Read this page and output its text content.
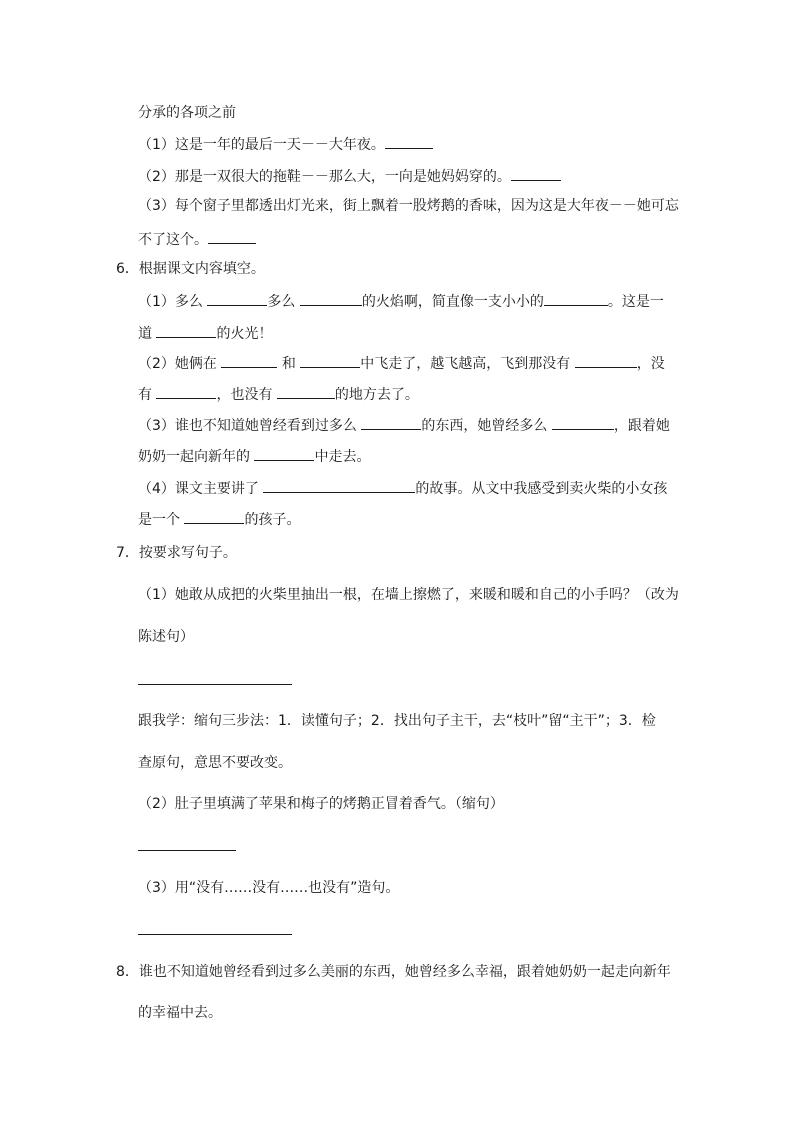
分承的各项之前
（1）这是一年的最后一天－－大年夜。
（2）那是一双很大的拖鞋－－那么大，一向是她妈妈穿的。
（3）每个窗子里都透出灯光来，街上飘着一股烤鹅的香味，因为这是大年夜－－她可忘
不了这个。
6．根据课文内容填空。
（1）多么	多么	的火焰啊，简直像一支小小的	。这是一
道	的火光！
（2）她俩在	和	中飞走了，越飞越高，飞到那没有	，没
有	，也没有	的地方去了。
（3）谁也不知道她曾经看到过多么	的东西，她曾经多么	，跟着她
奶奶一起向新年的	中走去。
（4）课文主要讲了	的故事。从文中我感受到卖火柴的小女孩
是一个	的孩子。
7．按要求写句子。
（1）她敢从成把的火柴里抽出一根，在墙上擦燃了，来暖和暖和自己的小手吗？（改为
陈述句）
跟我学：缩句三步法：1．读懂句子；2．找出句子主干，去“枝叶”留“主干”；3．检
查原句，意思不要改变。
（2）肚子里填满了苹果和梅子的烤鹅正冒着香气。（缩句）
（3）用“没有……没有……也没有”造句。
8．谁也不知道她曾经看到过多么美丽的东西，她曾经多么幸福，跟着她奶奶一起走向新年
的幸福中去。
